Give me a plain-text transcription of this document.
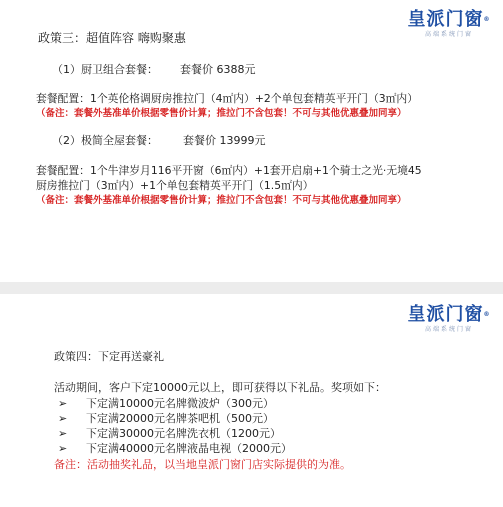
皇派门窗®
高端系统门窗
政策三：超值阵容 嗨购聚惠
（1）厨卫组合套餐： 套餐价 6388元
套餐配置：1个英伦格调厨房推拉门（4㎡内）+2个单包套精英平开门（3㎡内）
（备注：套餐外基准单价根据零售价计算；推拉门不含包套！不可与其他优惠叠加同享）
（2）极简全屋套餐： 套餐价 13999元
套餐配置：1个牛津岁月116平开窗（6㎡内）+1套开启扇+1个骑士之光·无境45
厨房推拉门（3㎡内）+1个单包套精英平开门（1.5㎡内）
（备注：套餐外基准单价根据零售价计算；推拉门不含包套！不可与其他优惠叠加同享）
皇派门窗®
高端系统门窗
政策四：下定再送豪礼
活动期间，客户下定10000元以上，即可获得以下礼品。奖项如下：
➢ 下定满10000元名牌微波炉（300元）
➢ 下定满20000元名牌茶吧机（500元）
➢ 下定满30000元名牌洗衣机（1200元）
➢ 下定满40000元名牌液晶电视（2000元）
备注：活动抽奖礼品，以当地皇派门窗门店实际提供的为准。
